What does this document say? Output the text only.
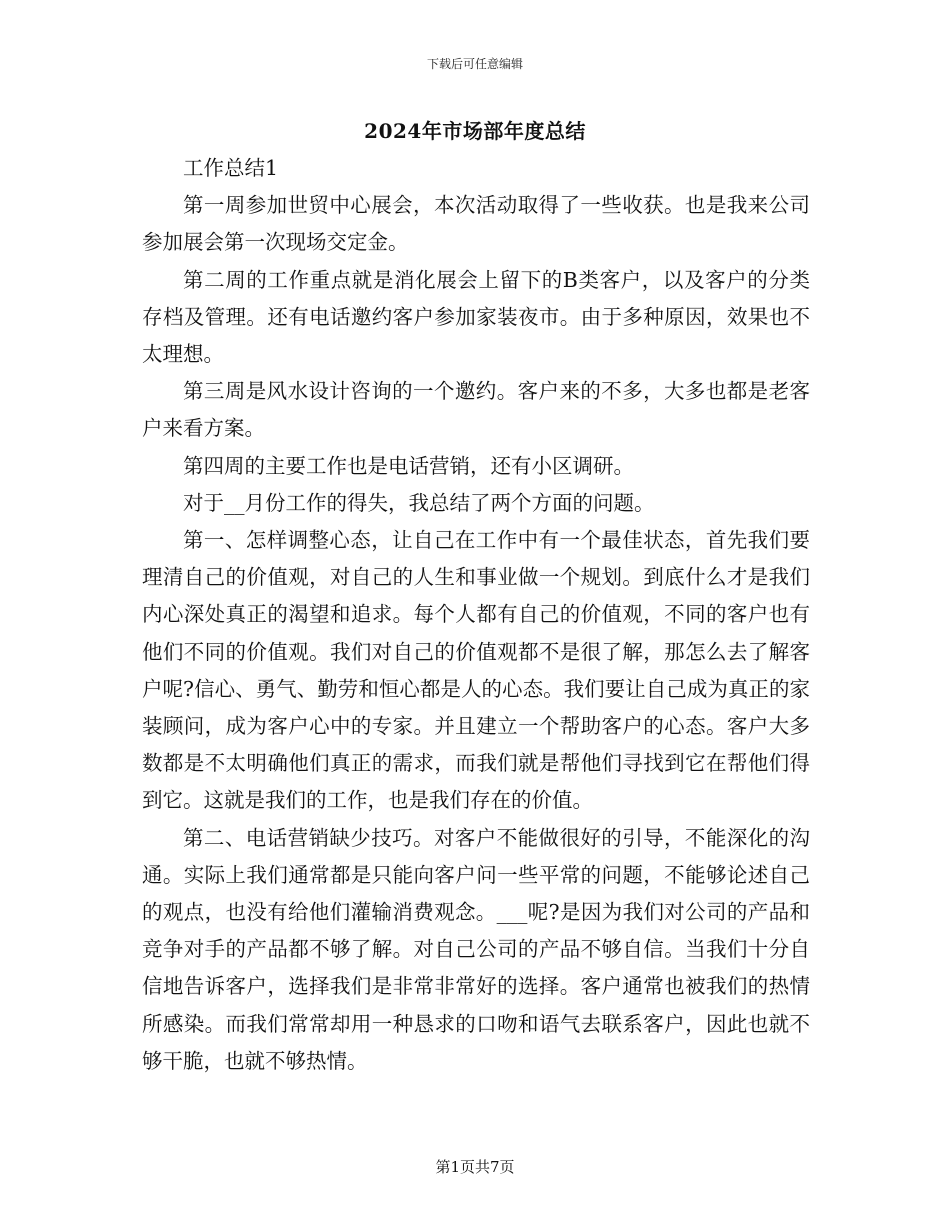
下载后可任意编辑
2024年市场部年度总结

工作总结1

第一周参加世贸中心展会，本次活动取得了一些收获。也是我来公司参加展会第一次现场交定金。

第二周的工作重点就是消化展会上留下的B类客户，以及客户的分类存档及管理。还有电话邀约客户参加家装夜市。由于多种原因，效果也不太理想。

第三周是风水设计咨询的一个邀约。客户来的不多，大多也都是老客户来看方案。

第四周的主要工作也是电话营销，还有小区调研。

对于__月份工作的得失，我总结了两个方面的问题。

第一、怎样调整心态，让自己在工作中有一个最佳状态，首先我们要理清自己的价值观，对自己的人生和事业做一个规划。到底什么才是我们内心深处真正的渴望和追求。每个人都有自己的价值观，不同的客户也有他们不同的价值观。我们对自己的价值观都不是很了解，那怎么去了解客户呢?信心、勇气、勤劳和恒心都是人的心态。我们要让自己成为真正的家装顾问，成为客户心中的专家。并且建立一个帮助客户的心态。客户大多数都是不太明确他们真正的需求，而我们就是帮他们寻找到它在帮他们得到它。这就是我们的工作，也是我们存在的价值。

第二、电话营销缺少技巧。对客户不能做很好的引导，不能深化的沟通。实际上我们通常都是只能向客户问一些平常的问题，不能够论述自己的观点，也没有给他们灌输消费观念。___呢?是因为我们对公司的产品和竞争对手的产品都不够了解。对自己公司的产品不够自信。当我们十分自信地告诉客户，选择我们是非常非常好的选择。客户通常也被我们的热情所感染。而我们常常却用一种恳求的口吻和语气去联系客户，因此也就不够干脆，也就不够热情。

第1页共7页
